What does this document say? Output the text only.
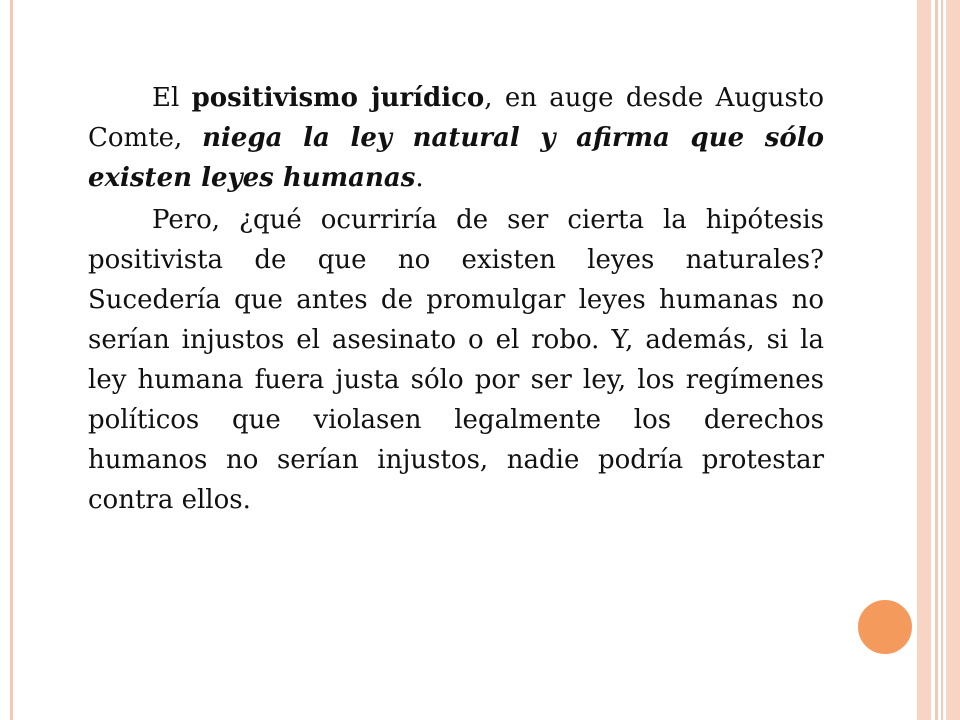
El positivismo jurídico, en auge desde Augusto Comte, niega la ley natural y afirma que sólo existen leyes humanas.

Pero, ¿qué ocurriría de ser cierta la hipótesis positivista de que no existen leyes naturales? Sucedería que antes de promulgar leyes humanas no serían injustos el asesinato o el robo. Y, además, si la ley humana fuera justa sólo por ser ley, los regímenes políticos que violasen legalmente los derechos humanos no serían injustos, nadie podría protestar contra ellos.
